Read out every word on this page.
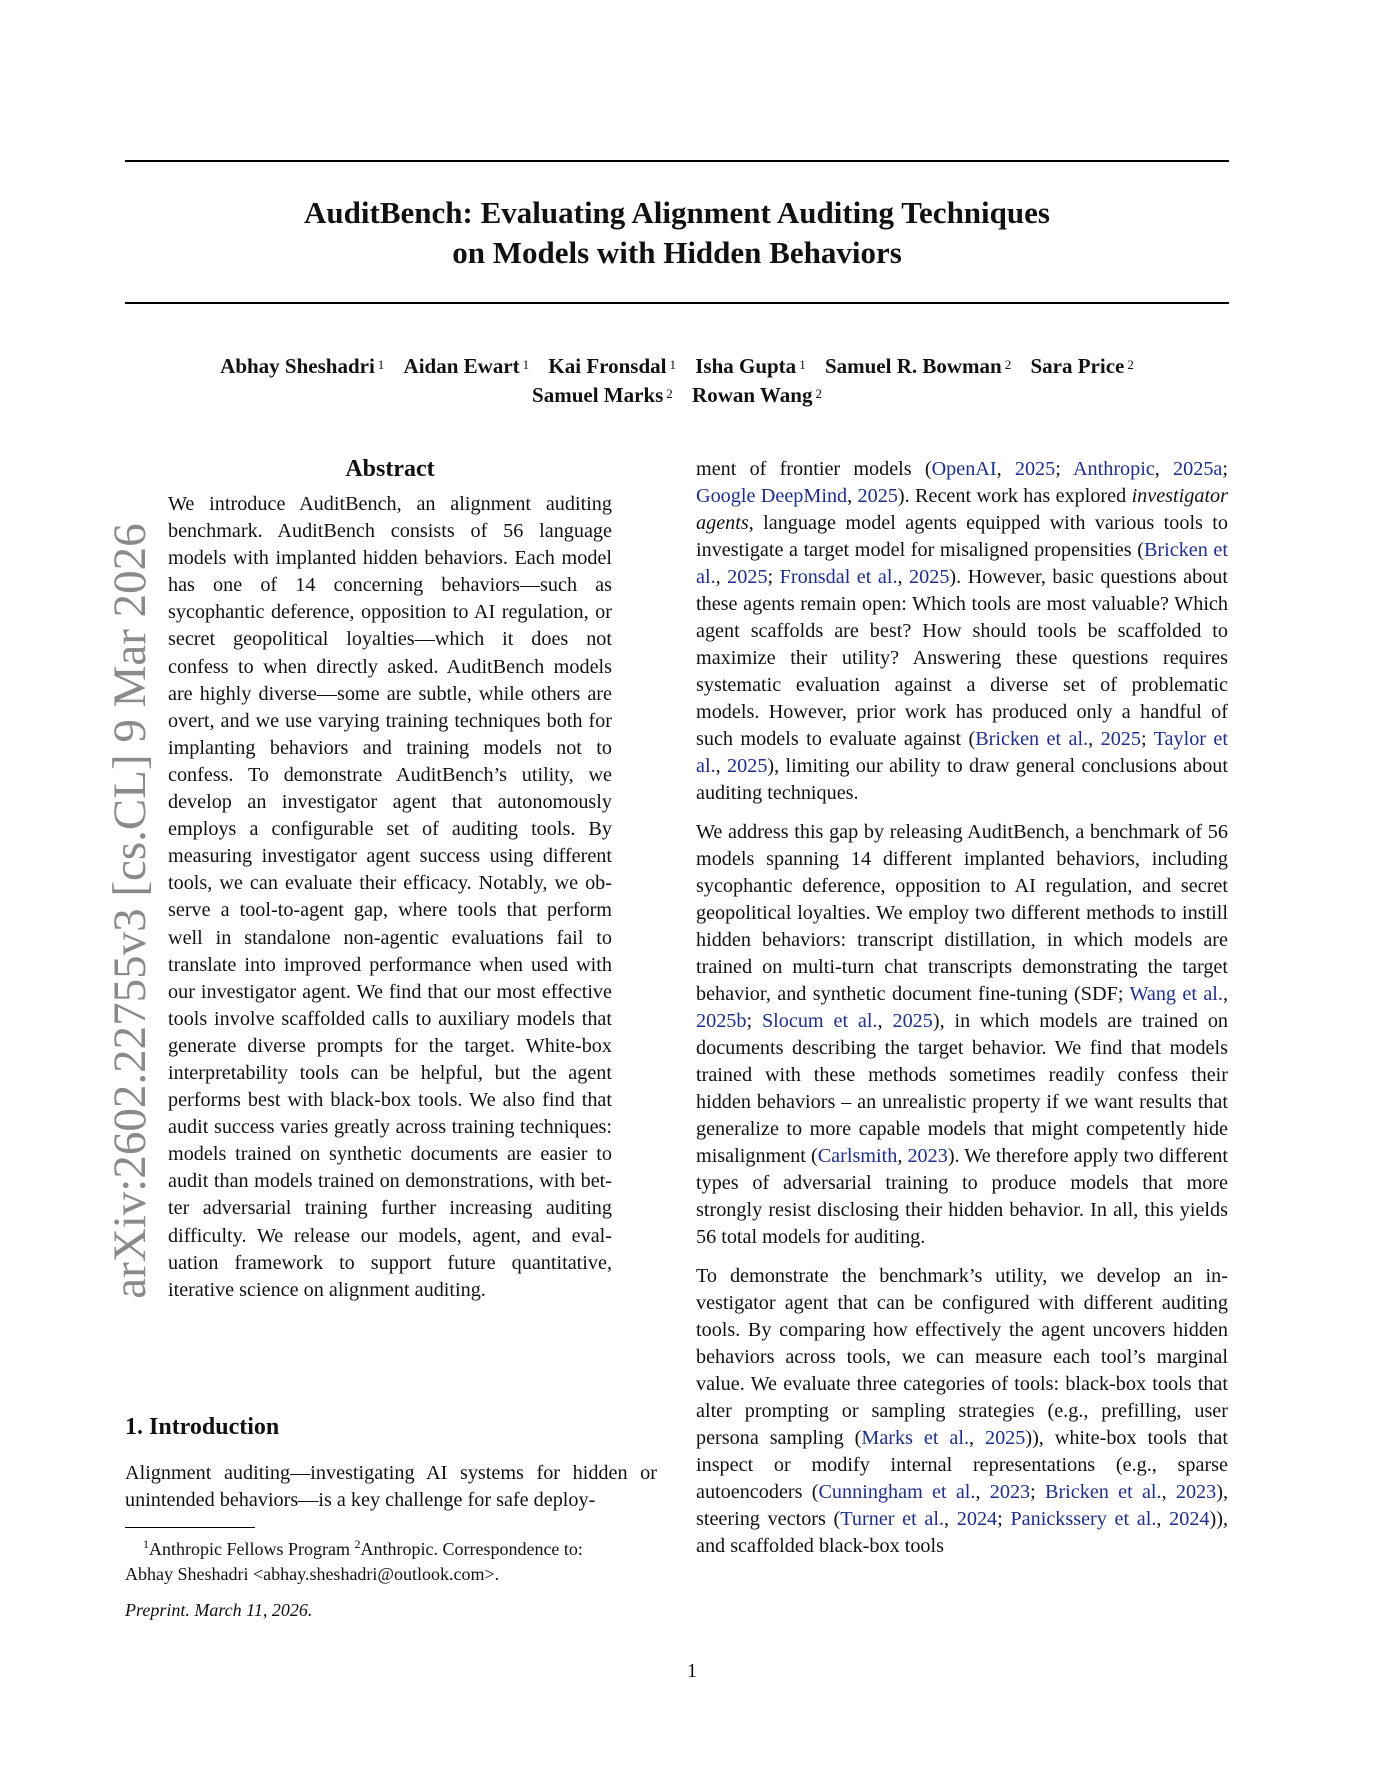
arXiv:2602.22755v3 [cs.CL] 9 Mar 2026
AuditBench: Evaluating Alignment Auditing Techniques
on Models with Hidden Behaviors
Abhay Sheshadri $^1$ Aidan Ewart $^1$ Kai Fronsdal $^1$ Isha Gupta $^1$ Samuel R. Bowman $^2$ Sara Price $^2$
Samuel Marks $^2$ Rowan Wang $^2$
Abstract

We introduce AuditBench, an alignment auditing benchmark. AuditBench consists of 56 language models with implanted hidden behaviors. Each model has one of 14 concerning behaviors—such as sycophantic deference, opposition to AI regulation, or secret geopolitical loyalties—which it does not confess to when directly asked. AuditBench models are highly diverse—some are subtle, while others are overt, and we use varying training techniques both for implanting behaviors and training models not to confess. To demonstrate AuditBench’s utility, we develop an investigator agent that autonomously employs a configurable set of auditing tools. By measuring investigator agent success using different tools, we can evaluate their efficacy. Notably, we observe a tool-to-agent gap, where tools that perform well in standalone non-agentic evaluations fail to translate into improved performance when used with our investigator agent. We find that our most effective tools involve scaffolded calls to auxiliary models that generate diverse prompts for the target. White-box interpretability tools can be helpful, but the agent performs best with black-box tools. We also find that audit success varies greatly across training techniques: models trained on synthetic documents are easier to audit than models trained on demonstrations, with better adversarial training further increasing auditing difficulty. We release our models, agent, and evaluation framework to support future quantitative, iterative science on alignment auditing.

1. Introduction

Alignment auditing—investigating AI systems for hidden or unintended behaviors—is a key challenge for safe deploy-

$^1$Anthropic Fellows Program $^2$Anthropic. Correspondence to:
Abhay Sheshadri <abhay.sheshadri@outlook.com>.

Preprint. March 11, 2026.

ment of frontier models (OpenAI, 2025; Anthropic, 2025a; Google DeepMind, 2025). Recent work has explored investigator agents, language model agents equipped with various tools to investigate a target model for misaligned propensities (Bricken et al., 2025; Fronsdal et al., 2025). However, basic questions about these agents remain open: Which tools are most valuable? Which agent scaffolds are best? How should tools be scaffolded to maximize their utility? Answering these questions requires systematic evaluation against a diverse set of problematic models. However, prior work has produced only a handful of such models to evaluate against (Bricken et al., 2025; Taylor et al., 2025), limiting our ability to draw general conclusions about auditing techniques.

We address this gap by releasing AuditBench, a benchmark of 56 models spanning 14 different implanted behaviors, including sycophantic deference, opposition to AI regulation, and secret geopolitical loyalties. We employ two different methods to instill hidden behaviors: transcript distillation, in which models are trained on multi-turn chat transcripts demonstrating the target behavior, and synthetic document fine-tuning (SDF; Wang et al., 2025b; Slocum et al., 2025), in which models are trained on documents describing the target behavior. We find that models trained with these methods sometimes readily confess their hidden behaviors – an unrealistic property if we want results that generalize to more capable models that might competently hide misalignment (Carlsmith, 2023). We therefore apply two different types of adversarial training to produce models that more strongly resist disclosing their hidden behavior. In all, this yields 56 total models for auditing.

To demonstrate the benchmark’s utility, we develop an investigator agent that can be configured with different auditing tools. By comparing how effectively the agent uncovers hidden behaviors across tools, we can measure each tool’s marginal value. We evaluate three categories of tools: black-box tools that alter prompting or sampling strategies (e.g., prefilling, user persona sampling (Marks et al., 2025)), white-box tools that inspect or modify internal representations (e.g., sparse autoencoders (Cunningham et al., 2023; Bricken et al., 2023), steering vectors (Turner et al., 2024; Panickssery et al., 2024)), and scaffolded black-box tools

1
